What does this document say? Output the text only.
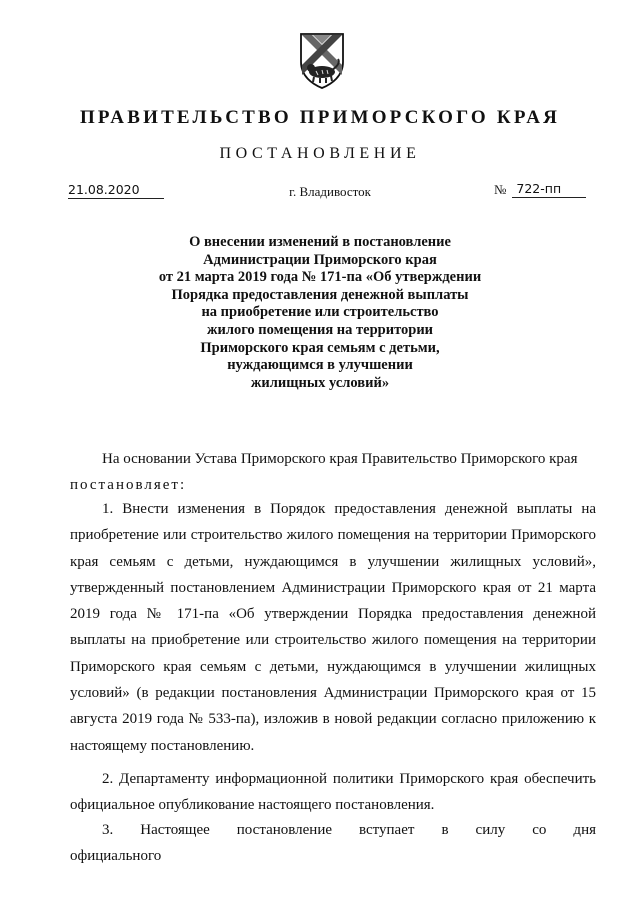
ПРАВИТЕЛЬСТВО ПРИМОРСКОГО КРАЯ
ПОСТАНОВЛЕНИЕ
21.08.2020	г. Владивосток	№ 722-пп
О внесении изменений в постановление
Администрации Приморского края
от 21 марта 2019 года № 171-па «Об утверждении
Порядка предоставления денежной выплаты
на приобретение или строительство
жилого помещения на территории
Приморского края семьям с детьми,
нуждающимся в улучшении
жилищных условий»
На основании Устава Приморского края Правительство Приморского края
постановляет:
1. Внести изменения в Порядок предоставления денежной выплаты на приобретение или строительство жилого помещения на территории Приморского края семьям с детьми, нуждающимся в улучшении жилищных условий», утвержденный постановлением Администрации Приморского края от 21 марта 2019 года № 171-па «Об утверждении Порядка предоставления денежной выплаты на приобретение или строительство жилого помещения на территории Приморского края семьям с детьми, нуждающимся в улучшении жилищных условий» (в редакции постановления Администрации Приморского края от 15 августа 2019 года № 533-па), изложив в новой редакции согласно приложению к настоящему постановлению.
2. Департаменту информационной политики Приморского края обеспечить официальное опубликование настоящего постановления.
3. Настоящее постановление вступает в силу со дня официального
